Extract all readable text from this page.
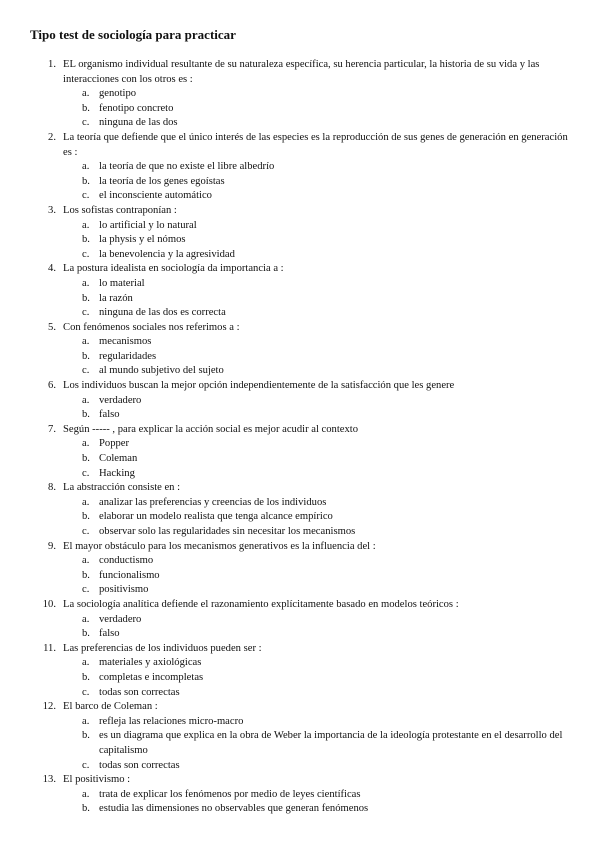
Tipo test de sociología para practicar
1. EL organismo individual resultante de su naturaleza específica, su herencia particular, la historia de su vida y las interacciones con los otros es :
a. genotipo
b. fenotipo concreto
c. ninguna de las dos
2. La teoría que defiende que el único interés de las especies es la reproducción de sus genes de generación en generación es :
a. la teoría de que no existe el libre albedrío
b. la teoría de los genes egoístas
c. el inconsciente automático
3. Los sofistas contraponían :
a. lo artificial y lo natural
b. la physis y el nómos
c. la benevolencia y la agresividad
4. La postura idealista en sociología da importancia a :
a. lo material
b. la razón
c. ninguna de las dos es correcta
5. Con fenómenos sociales nos referimos a :
a. mecanismos
b. regularidades
c. al mundo subjetivo del sujeto
6. Los individuos buscan la mejor opción independientemente de la satisfacción que les genere
a. verdadero
b. falso
7. Según ----- , para explicar la acción social es mejor acudir al contexto
a. Popper
b. Coleman
c. Hacking
8. La abstracción consiste en :
a. analizar las preferencias y creencias de los individuos
b. elaborar un modelo realista que tenga alcance empírico
c. observar solo las regularidades sin necesitar los mecanismos
9. El mayor obstáculo para los mecanismos generativos es la influencia del :
a. conductismo
b. funcionalismo
c. positivismo
10. La sociología analítica defiende el razonamiento explícitamente basado en modelos teóricos :
a. verdadero
b. falso
11. Las preferencias de los individuos pueden ser :
a. materiales y axiológicas
b. completas e incompletas
c. todas son correctas
12. El barco de Coleman :
a. refleja las relaciones micro-macro
b. es un diagrama que explica en la obra de Weber la importancia de la ideología protestante en el desarrollo del capitalismo
c. todas son correctas
13. El positivismo :
a. trata de explicar los fenómenos por medio de leyes científicas
b. estudia las dimensiones no observables que generan fenómenos
